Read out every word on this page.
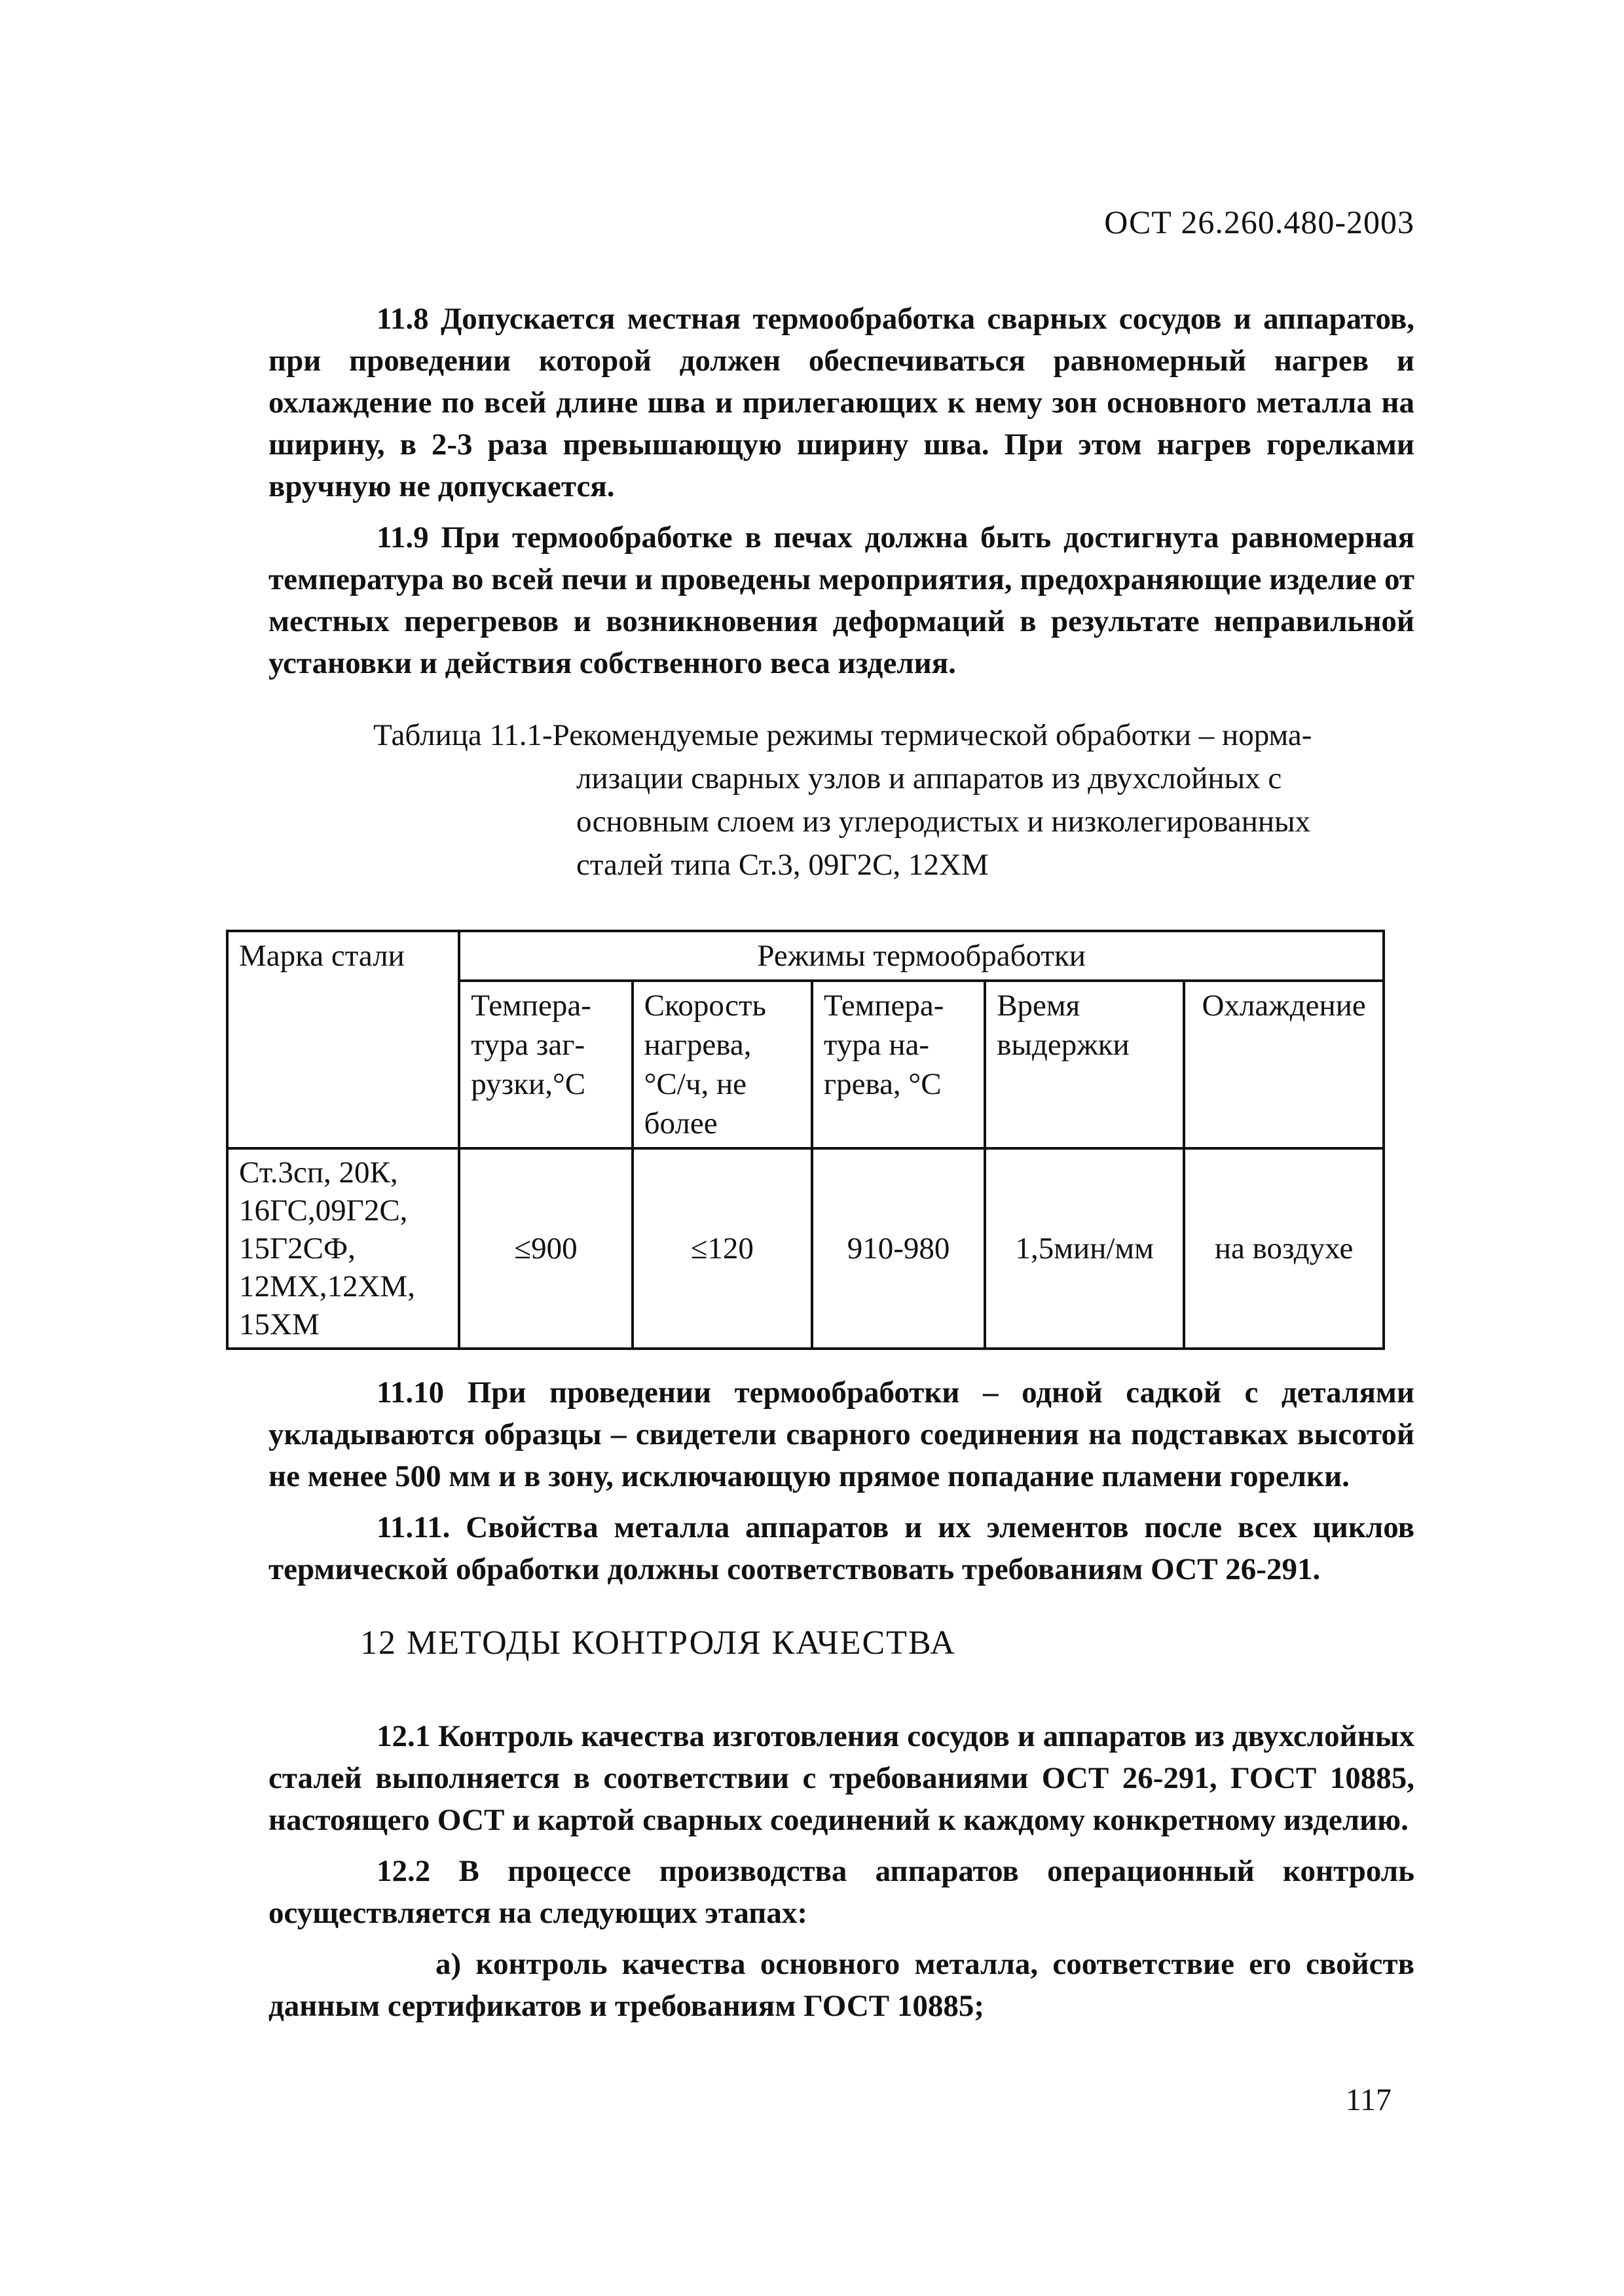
ОСТ 26.260.480-2003

11.8 Допускается местная термообработка сварных сосудов и аппаратов, при проведении которой должен обеспечиваться равномерный нагрев и охлаждение по всей длине шва и прилегающих к нему зон основного металла на ширину, в 2-3 раза превышающую ширину шва. При этом нагрев горелками вручную не допускается.

11.9 При термообработке в печах должна быть достигнута равномерная температура во всей печи и проведены мероприятия, предохраняющие изделие от местных перегревов и возникновения деформаций в результате неправильной установки и действия собственного веса изделия.

Таблица 11.1- Рекомендуемые режимы термической обработки – норма-
лизации сварных узлов и аппаратов из двухслойных с
основным слоем из углеродистых и низколегированных
сталей типа Ст.3, 09Г2С, 12ХМ
Марка стали	Режимы термообработки				
	Темпера- тура заг- рузки,°С	Скорость нагрева, °С/ч, не более	Темпера- тура на- грева, °С	Время выдержки	Охлаждение
Ст.3сп, 20К, 16ГС,09Г2С, 15Г2СФ, 12МХ,12ХМ, 15ХМ	≤900	≤120	910-980	1,5мин/мм	на воздухе

11.10 При проведении термообработки – одной садкой с деталями укладываются образцы – свидетели сварного соединения на подставках высотой не менее 500 мм и в зону, исключающую прямое попадание пламени горелки.

11.11. Свойства металла аппаратов и их элементов после всех циклов термической обработки должны соответствовать требованиям ОСТ 26-291.

12 МЕТОДЫ КОНТРОЛЯ КАЧЕСТВА

12.1 Контроль качества изготовления сосудов и аппаратов из двухслойных сталей выполняется в соответствии с требованиями ОСТ 26-291, ГОСТ 10885, настоящего ОСТ и картой сварных соединений к каждому конкретному изделию.

12.2 В процессе производства аппаратов операционный контроль осуществляется на следующих этапах:

а) контроль качества основного металла, соответствие его свойств данным сертификатов и требованиям ГОСТ 10885;

117
